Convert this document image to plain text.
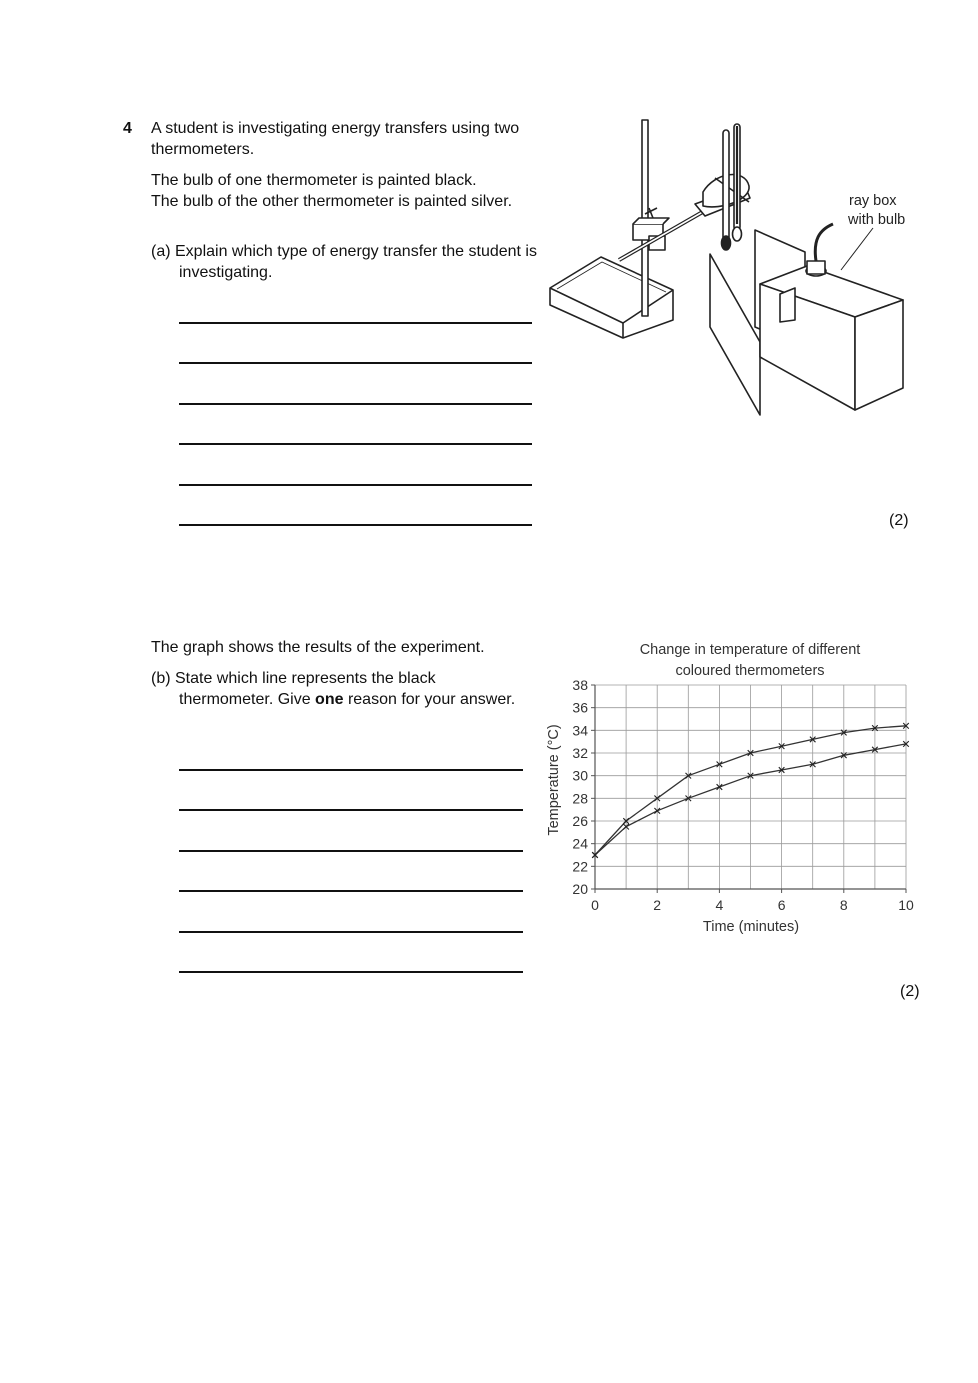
4 A student is investigating energy transfers using two thermometers.
The bulb of one thermometer is painted black.
The bulb of the other thermometer is painted silver.
(a) Explain which type of energy transfer the student is investigating.
(2)
ray box
with bulb
The graph shows the results of the experiment.
(b) State which line represents the black thermometer. Give one reason for your answer.
(2)
Change in temperature of different
coloured thermometers
20
22
24
26
28
30
32
34
36
38
0	2	4	6	8	10
Time (minutes)
Temperature (°C)
